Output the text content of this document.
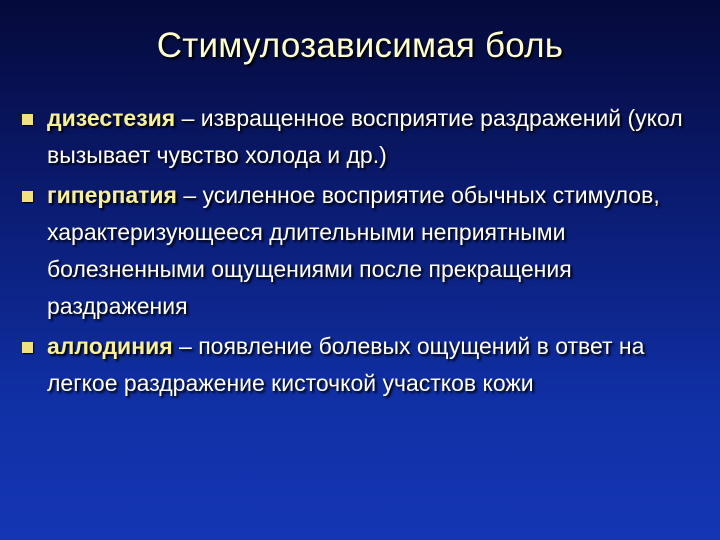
Стимулозависимая боль
дизестезия – извращенное восприятие раздражений (укол вызывает чувство холода и др.)
гиперпатия – усиленное восприятие обычных стимулов, характеризующееся длительными неприятными болезненными ощущениями после прекращения раздражения
аллодиния – появление болевых ощущений в ответ на легкое раздражение кисточкой участков кожи
